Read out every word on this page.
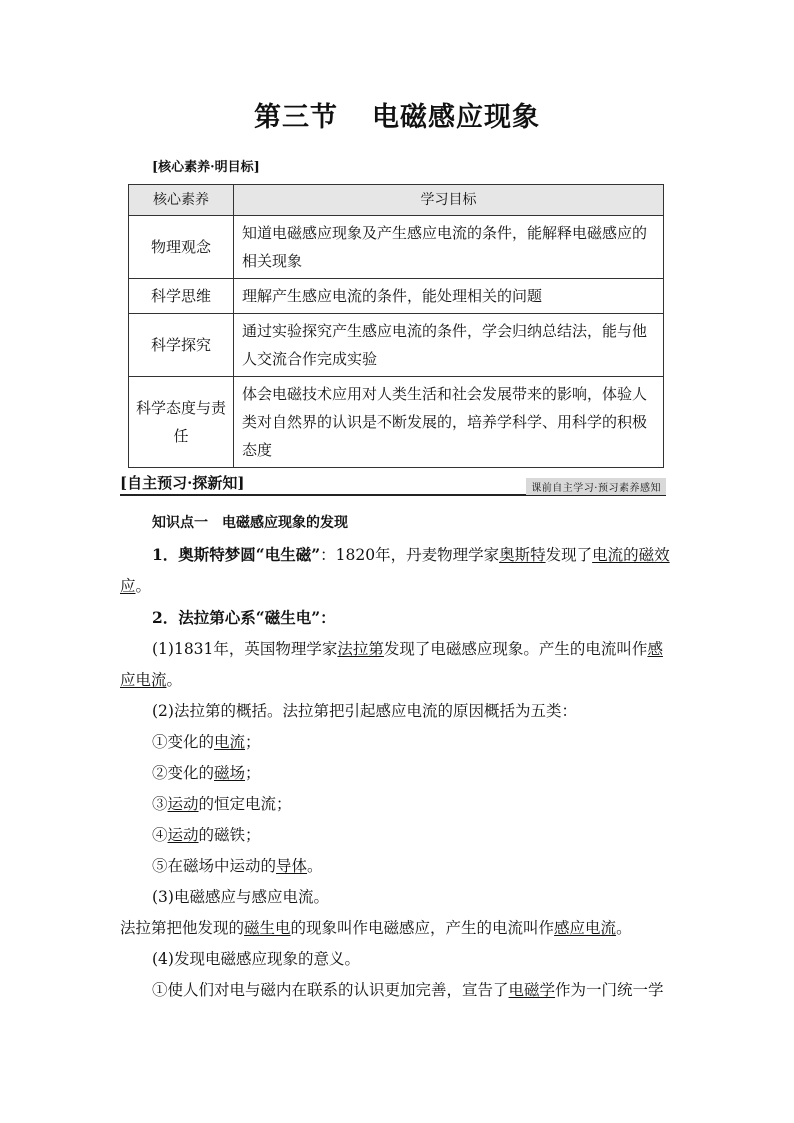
第三节 电磁感应现象
[核心素养·明目标]
核心素养	学习目标
物理观念	知道电磁感应现象及产生感应电流的条件，能解释电磁感应的相关现象
科学思维	理解产生感应电流的条件，能处理相关的问题
科学探究	通过实验探究产生感应电流的条件，学会归纳总结法，能与他人交流合作完成实验
科学态度与责任	体会电磁技术应用对人类生活和社会发展带来的影响，体验人类对自然界的认识是不断发展的，培养学科学、用科学的积极态度
[自主预习·探新知]	课前自主学习·预习素养感知

知识点一　电磁感应现象的发现

1．奥斯特梦圆“电生磁”：1820年，丹麦物理学家奥斯特发现了电流的磁效应。

2．法拉第心系“磁生电”：

(1)1831年，英国物理学家法拉第发现了电磁感应现象。产生的电流叫作感应电流。

(2)法拉第的概括。法拉第把引起感应电流的原因概括为五类：

①变化的电流；

②变化的磁场；

③运动的恒定电流；

④运动的磁铁；

⑤在磁场中运动的导体。

(3)电磁感应与感应电流。

法拉第把他发现的磁生电的现象叫作电磁感应，产生的电流叫作感应电流。

(4)发现电磁感应现象的意义。

①使人们对电与磁内在联系的认识更加完善，宣告了电磁学作为一门统一学
